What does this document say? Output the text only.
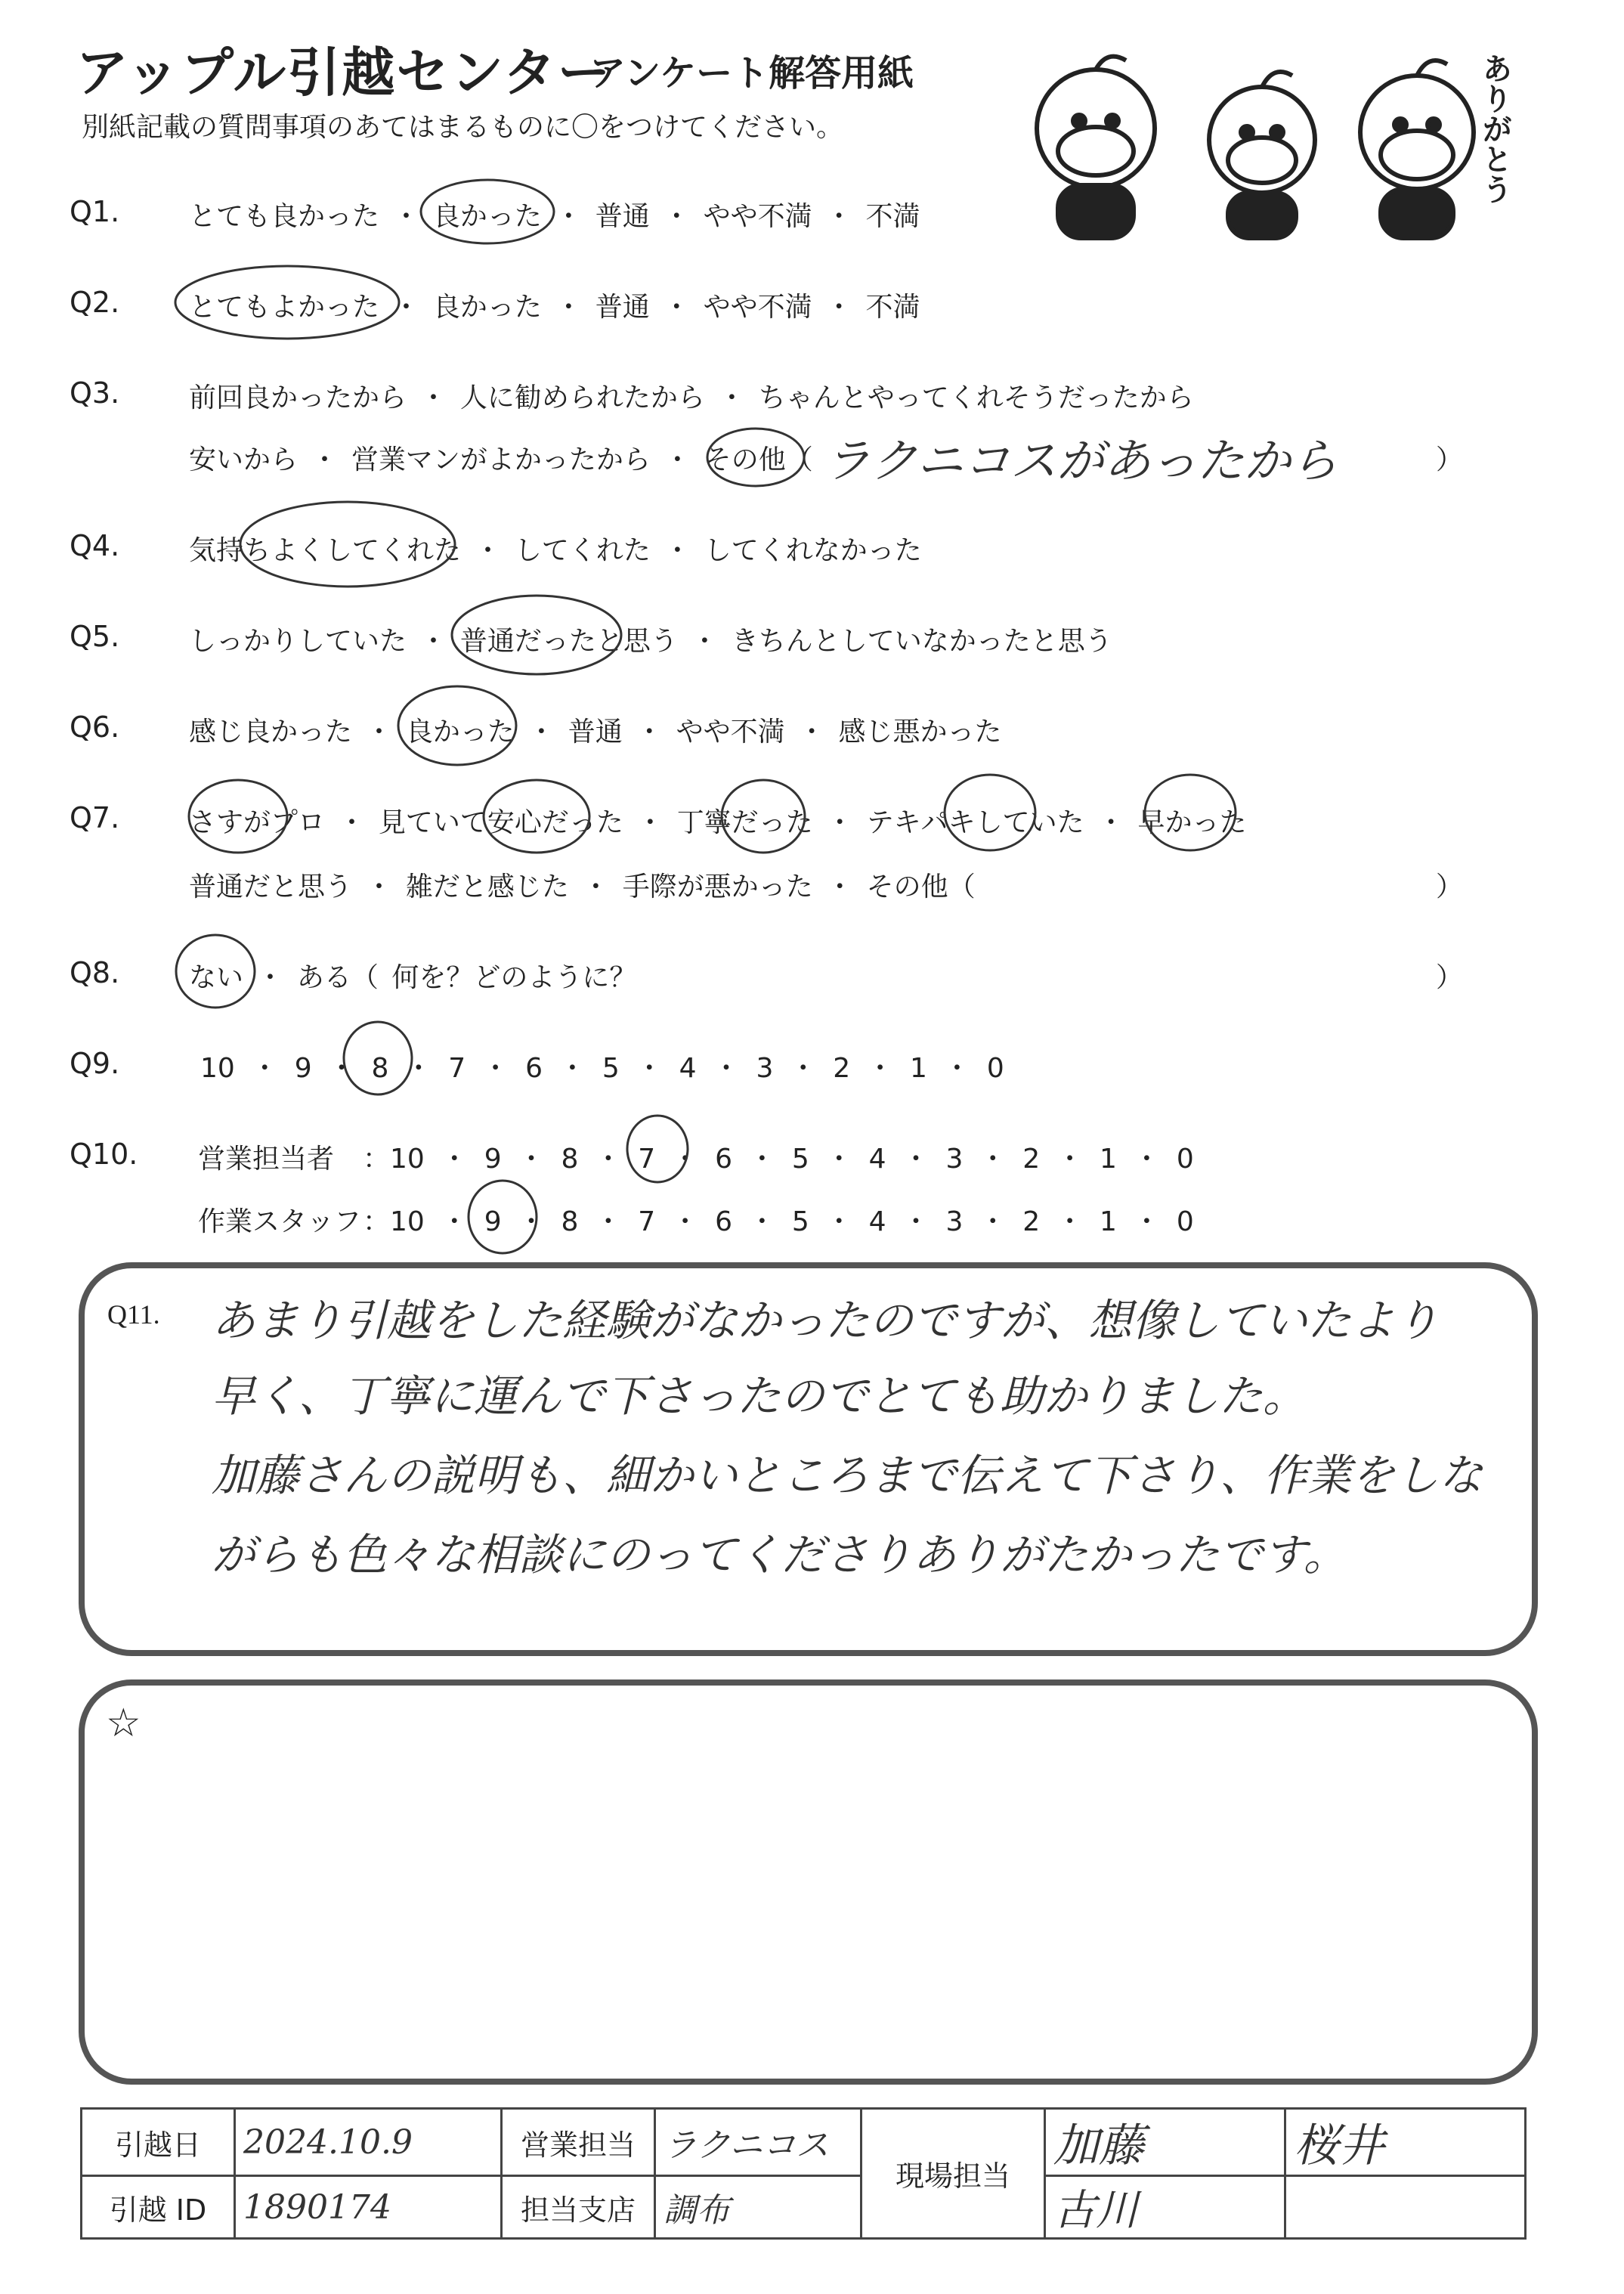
アップル引越センター
アンケート解答用紙
別紙記載の質問事項のあてはまるものに〇をつけてください。	ありがとう
Q1.	とても良かった ・ 良かった ・ 普通 ・ やや不満 ・ 不満
Q2.	とてもよかった ・ 良かった ・ 普通 ・ やや不満 ・ 不満
Q3.	前回良かったから ・ 人に勧められたから ・ ちゃんとやってくれそうだったから
安いから ・ 営業マンがよかったから ・ その他（ ラクニコスがあったから	）
Q4.	気持ちよくしてくれた ・ してくれた ・ してくれなかった
Q5.	しっかりしていた ・ 普通だったと思う ・ きちんとしていなかったと思う
Q6.	感じ良かった ・ 良かった ・ 普通 ・ やや不満 ・ 感じ悪かった
Q7.	さすがプロ ・ 見ていて安心だった ・ 丁寧だった ・ テキパキしていた ・ 早かった
普通だと思う ・ 雑だと感じた ・ 手際が悪かった ・ その他（	）
Q8.	ない ・ ある（ 何を？どのように？	）
Q9.	10 ・ 9 ・ 8 ・ 7 ・ 6 ・ 5 ・ 4 ・ 3 ・ 2 ・ 1 ・ 0
Q10. 営業担当者 ：10 ・ 9 ・ 8 ・ 7 ・ 6 ・ 5 ・ 4 ・ 3 ・ 2 ・ 1 ・ 0
作業スタッフ ：10 ・ 9 ・ 8 ・ 7 ・ 6 ・ 5 ・ 4 ・ 3 ・ 2 ・ 1 ・ 0
Q11. あまり引越をした経験がなかったのですが、想像していたより
早く、丁寧に運んで下さったのでとても助かりました。
加藤さんの説明も、細かいところまで伝えて下さり、作業をしな
がらも色々な相談にのってくださりありがたかったです。
☆
引越日	2024.10.9	営業担当	ラクニコス	現場担当	加藤	桜井
引越 ID	1890174	担当支店	調布		古川	
